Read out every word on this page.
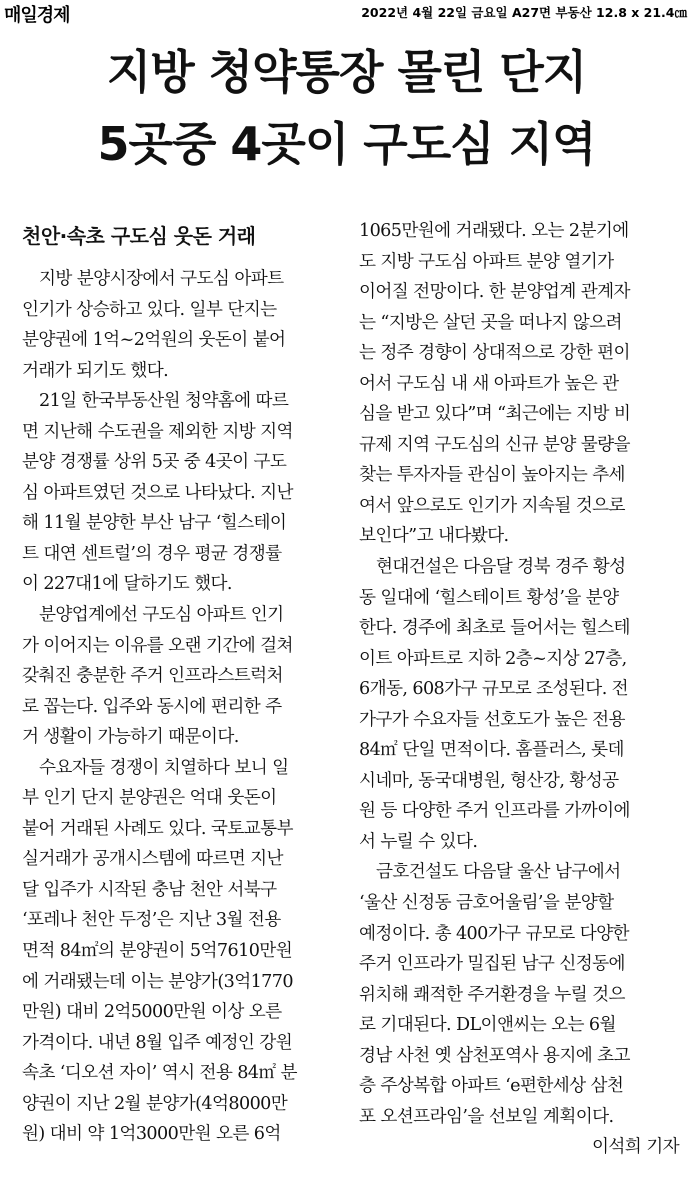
매일경제	2022년 4월 22일 금요일 A27면 부동산 12.8 x 21.4㎝
지방 청약통장 몰린 단지
5곳중 4곳이 구도심 지역
천안·속초 구도심 웃돈 거래
　지방 분양시장에서 구도심 아파트
인기가 상승하고 있다. 일부 단지는
분양권에 1억~2억원의 웃돈이 붙어
거래가 되기도 했다.
　21일 한국부동산원 청약홈에 따르
면 지난해 수도권을 제외한 지방 지역
분양 경쟁률 상위 5곳 중 4곳이 구도
심 아파트였던 것으로 나타났다. 지난
해 11월 분양한 부산 남구 ‘힐스테이
트 대연 센트럴’의 경우 평균 경쟁률
이 227대1에 달하기도 했다.
　분양업계에선 구도심 아파트 인기
가 이어지는 이유를 오랜 기간에 걸쳐
갖춰진 충분한 주거 인프라스트럭처
로 꼽는다. 입주와 동시에 편리한 주
거 생활이 가능하기 때문이다.
　수요자들 경쟁이 치열하다 보니 일
부 인기 단지 분양권은 억대 웃돈이
붙어 거래된 사례도 있다. 국토교통부
실거래가 공개시스템에 따르면 지난
달 입주가 시작된 충남 천안 서북구
‘포레나 천안 두정’은 지난 3월 전용
면적 84㎡의 분양권이 5억7610만원
에 거래됐는데 이는 분양가(3억1770
만원) 대비 2억5000만원 이상 오른
가격이다. 내년 8월 입주 예정인 강원
속초 ‘디오션 자이’ 역시 전용 84㎡ 분
양권이 지난 2월 분양가(4억8000만
원) 대비 약 1억3000만원 오른 6억
1065만원에 거래됐다. 오는 2분기에
도 지방 구도심 아파트 분양 열기가
이어질 전망이다. 한 분양업계 관계자
는 “지방은 살던 곳을 떠나지 않으려
는 정주 경향이 상대적으로 강한 편이
어서 구도심 내 새 아파트가 높은 관
심을 받고 있다”며 “최근에는 지방 비
규제 지역 구도심의 신규 분양 물량을
찾는 투자자들 관심이 높아지는 추세
여서 앞으로도 인기가 지속될 것으로
보인다”고 내다봤다.
　현대건설은 다음달 경북 경주 황성
동 일대에 ‘힐스테이트 황성’을 분양
한다. 경주에 최초로 들어서는 힐스테
이트 아파트로 지하 2층~지상 27층,
6개동, 608가구 규모로 조성된다. 전
가구가 수요자들 선호도가 높은 전용
84㎡ 단일 면적이다. 홈플러스, 롯데
시네마, 동국대병원, 형산강, 황성공
원 등 다양한 주거 인프라를 가까이에
서 누릴 수 있다.
　금호건설도 다음달 울산 남구에서
‘울산 신정동 금호어울림’을 분양할
예정이다. 총 400가구 규모로 다양한
주거 인프라가 밀집된 남구 신정동에
위치해 쾌적한 주거환경을 누릴 것으
로 기대된다. DL이앤씨는 오는 6월
경남 사천 옛 삼천포역사 용지에 초고
층 주상복합 아파트 ‘e편한세상 삼천
포 오션프라임’을 선보일 계획이다.
이석희 기자
